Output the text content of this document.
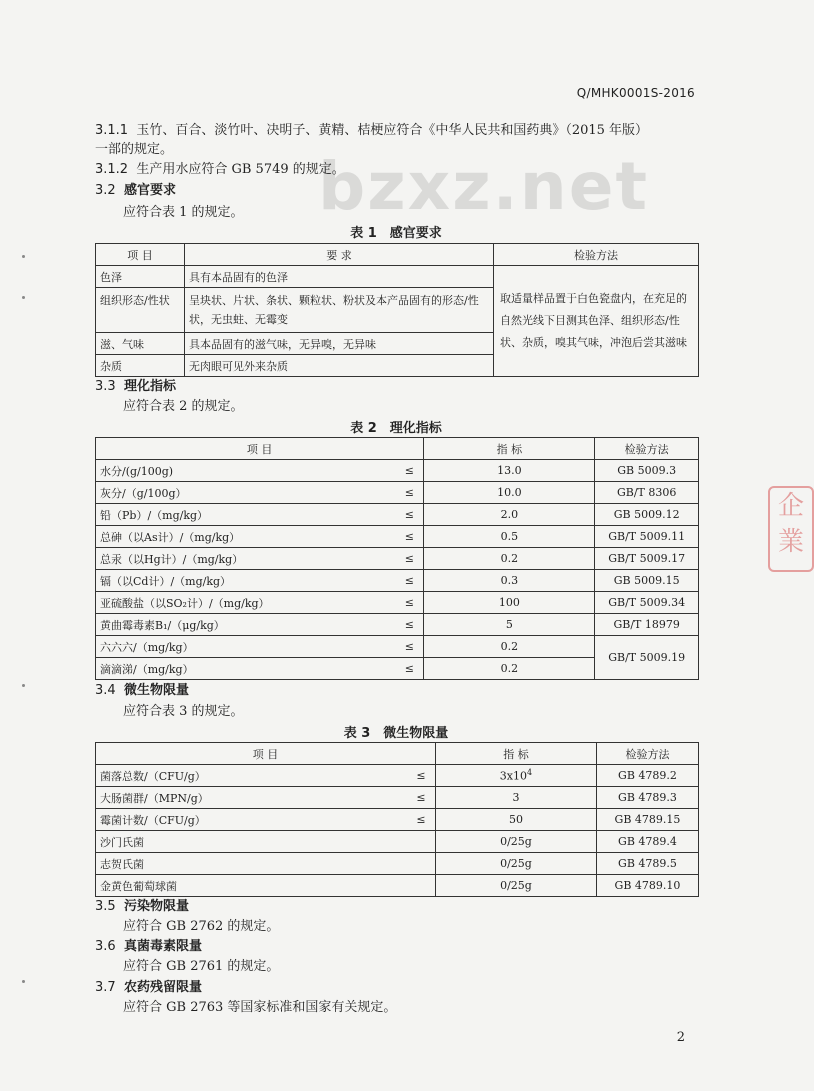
Q/MHK0001S-2016
bzxz.net
企業
3.1.1 玉竹、百合、淡竹叶、决明子、黄精、桔梗应符合《中华人民共和国药典》（2015 年版）
一部的规定。
3.1.2 生产用水应符合 GB 5749 的规定。
3.2 感官要求
应符合表 1 的规定。
表 1　感官要求
项 目	要 求	检验方法
色泽	具有本品固有的色泽	取适量样品置于白色瓷盘内，在充足的自然光线下目测其色泽、组织形态/性状、杂质，嗅其气味，冲泡后尝其滋味
组织形态/性状	呈块状、片状、条状、颗粒状、粉状及本产品固有的形态/性状，无虫蛀、无霉变	
滋、气味	具本品固有的滋气味，无异嗅，无异味	
杂质	无肉眼可见外来杂质	
3.3 理化指标
应符合表 2 的规定。
表 2　理化指标
项 目		指 标	检验方法
水分/(g/100g)	≤	13.0	GB 5009.3
灰分/（g/100g）	≤	10.0	GB/T 8306
铅（Pb）/（mg/kg）	≤	2.0	GB 5009.12
总砷（以As计）/（mg/kg）	≤	0.5	GB/T 5009.11
总汞（以Hg计）/（mg/kg）	≤	0.2	GB/T 5009.17
镉（以Cd计）/（mg/kg）	≤	0.3	GB 5009.15
亚硫酸盐（以SO₂计）/（mg/kg）	≤	100	GB/T 5009.34
黄曲霉毒素B₁/（μg/kg）	≤	5	GB/T 18979
六六六/（mg/kg）	≤	0.2	GB/T 5009.19
滴滴涕/（mg/kg）	≤	0.2	
3.4 微生物限量
应符合表 3 的规定。
表 3　微生物限量
项 目		指 标	检验方法
菌落总数/（CFU/g）	≤	$3x10^4$	GB 4789.2
大肠菌群/（MPN/g）	≤	3	GB 4789.3
霉菌计数/（CFU/g）	≤	50	GB 4789.15
沙门氏菌		0/25g	GB 4789.4
志贺氏菌		0/25g	GB 4789.5
金黄色葡萄球菌		0/25g	GB 4789.10
3.5 污染物限量
应符合 GB 2762 的规定。
3.6 真菌毒素限量
应符合 GB 2761 的规定。
3.7 农药残留限量
应符合 GB 2763 等国家标准和国家有关规定。
2
